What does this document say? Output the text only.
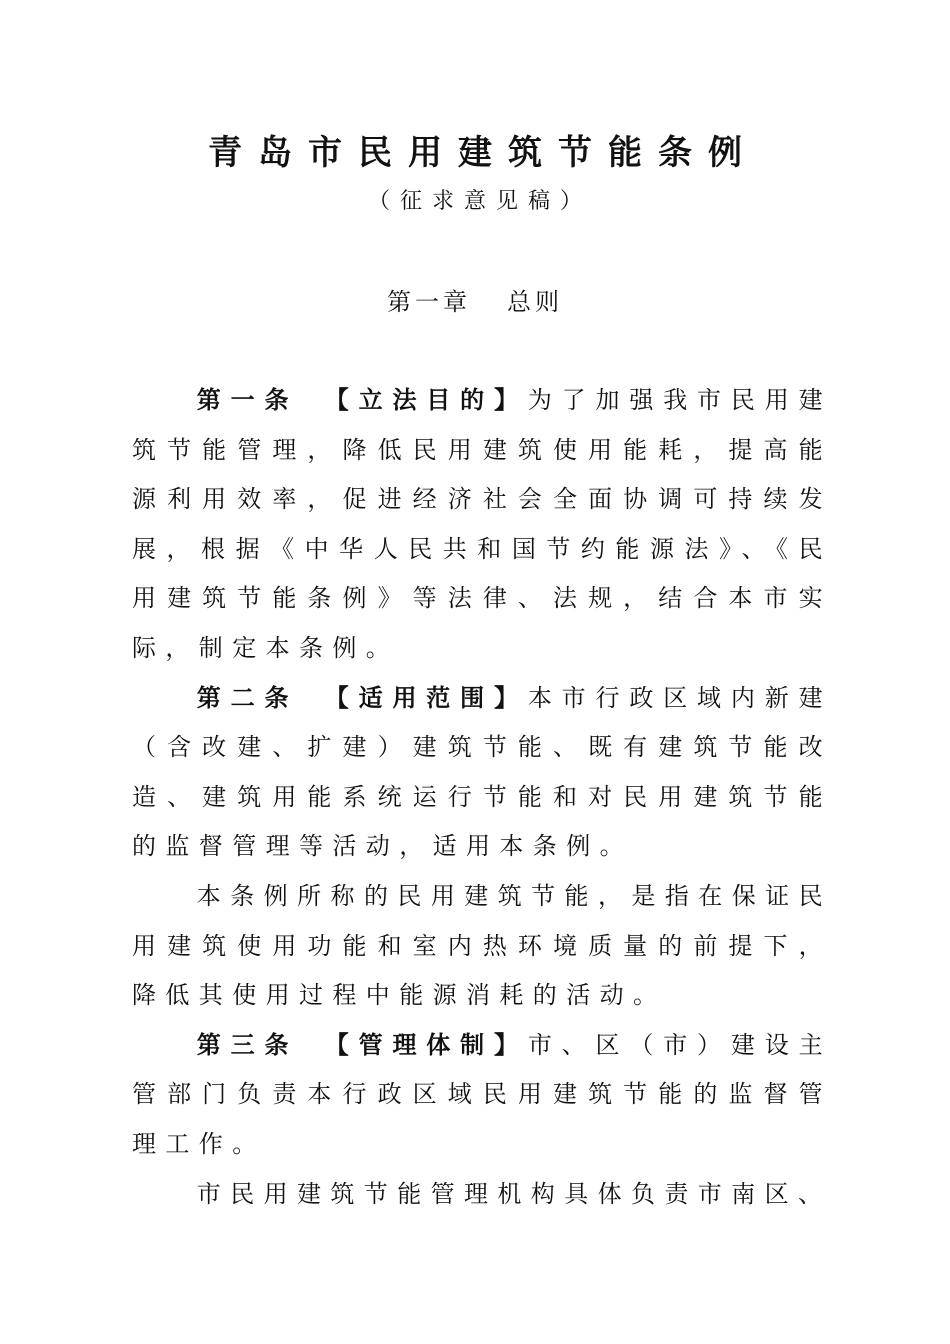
青岛市民用建筑节能条例
（征求意见稿）
第一章 总则

第一条 【立法目的】为了加强我市民用建筑节能管理，降低民用建筑使用能耗，提高能源利用效率，促进经济社会全面协调可持续发展，根据《中华人民共和国节约能源法》、《民用建筑节能条例》等法律、法规，结合本市实际，制定本条例。

第二条 【适用范围】本市行政区域内新建（含改建、扩建）建筑节能、既有建筑节能改造、建筑用能系统运行节能和对民用建筑节能的监督管理等活动，适用本条例。

本条例所称的民用建筑节能，是指在保证民用建筑使用功能和室内热环境质量的前提下，降低其使用过程中能源消耗的活动。

第三条 【管理体制】市、区（市）建设主管部门负责本行政区域民用建筑节能的监督管理工作。

市民用建筑节能管理机构具体负责市南区、
